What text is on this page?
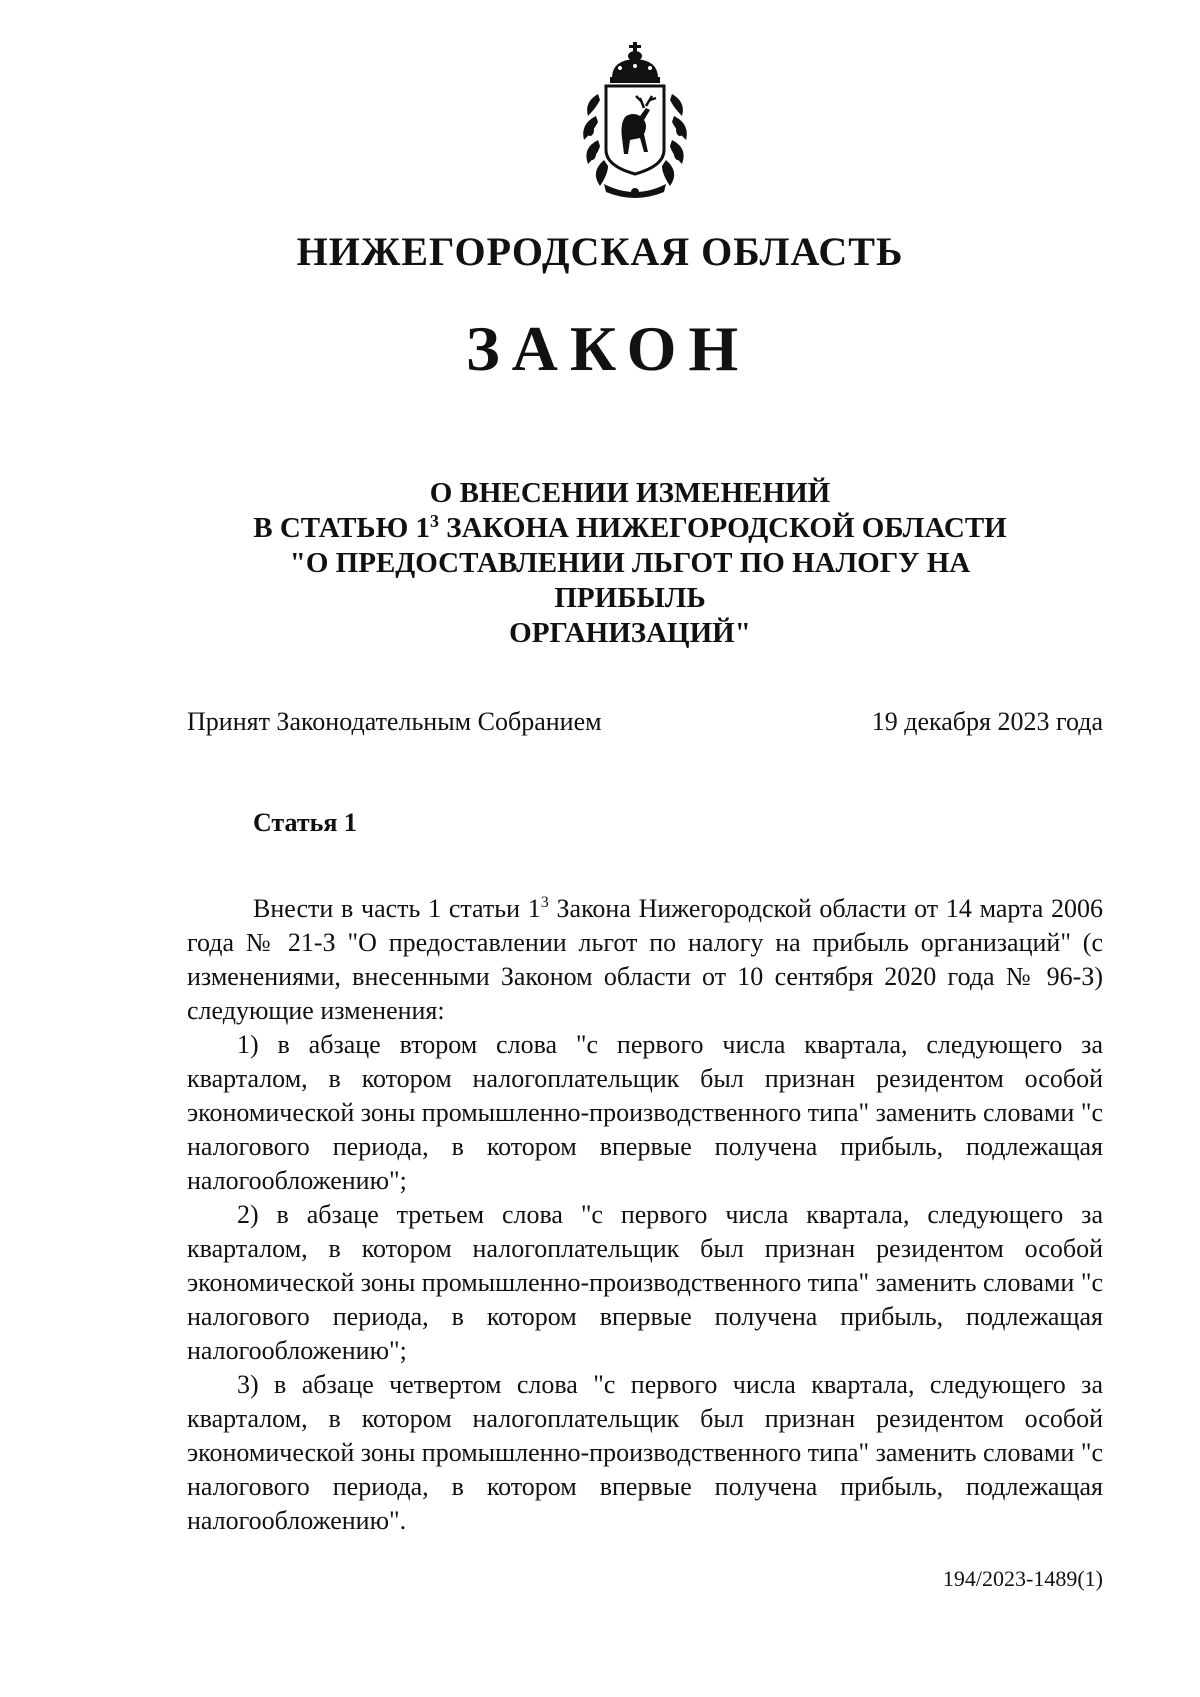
НИЖЕГОРОДСКАЯ ОБЛАСТЬ
ЗАКОН
О ВНЕСЕНИИ ИЗМЕНЕНИЙ
В СТАТЬЮ $1^3$ ЗАКОНА НИЖЕГОРОДСКОЙ ОБЛАСТИ
"О ПРЕДОСТАВЛЕНИИ ЛЬГОТ ПО НАЛОГУ НА ПРИБЫЛЬ
ОРГАНИЗАЦИЙ"
Принят Законодательным Собранием	19 декабря 2023 года
Статья 1

Внести в часть 1 статьи $1^3$ Закона Нижегородской области от 14 марта 2006 года № 21-З "О предоставлении льгот по налогу на прибыль организаций" (с изменениями, внесенными Законом области от 10 сентября 2020 года № 96-З) следующие изменения:

1) в абзаце втором слова "с первого числа квартала, следующего за кварталом, в котором налогоплательщик был признан резидентом особой экономической зоны промышленно-производственного типа" заменить словами "с налогового периода, в котором впервые получена прибыль, подлежащая налогообложению";

2) в абзаце третьем слова "с первого числа квартала, следующего за кварталом, в котором налогоплательщик был признан резидентом особой экономической зоны промышленно-производственного типа" заменить словами "с налогового периода, в котором впервые получена прибыль, подлежащая налогообложению";

3) в абзаце четвертом слова "с первого числа квартала, следующего за кварталом, в котором налогоплательщик был признан резидентом особой экономической зоны промышленно-производственного типа" заменить словами "с налогового периода, в котором впервые получена прибыль, подлежащая налогообложению".

194/2023-1489(1)
